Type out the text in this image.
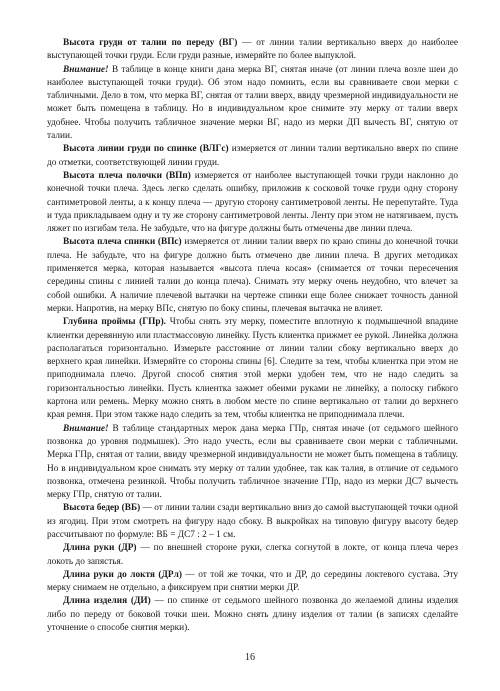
Высота груди от талии по переду (ВГ) — от линии талии вертикально вверх до наиболее выступающей точки груди. Если груди разные, измеряйте по более выпуклой.

Внимание! В таблице в конце книги дана мерка ВГ, снятая иначе (от линии плеча возле шеи до наиболее выступающей точки груди). Об этом надо помнить, если вы сравниваете свои мерки с табличными. Дело в том, что мерка ВГ, снятая от талии вверх, ввиду чрезмерной индивидуальности не может быть помещена в таблицу. Но в индивидуальном крое снимите эту мерку от талии вверх удобнее. Чтобы получить табличное значение мерки ВГ, надо из мерки ДП вычесть ВГ, снятую от талии.

Высота линии груди по спинке (ВЛГс) измеряется от линии талии вертикально вверх по спине до отметки, соответствующей линии груди.

Высота плеча полочки (ВПп) измеряется от наиболее выступающей точки груди наклонно до конечной точки плеча. Здесь легко сделать ошибку, приложив к сосковой точке груди одну сторону сантиметровой ленты, а к концу плеча — другую сторону сантиметровой ленты. Не перепутайте. Туда и туда прикладываем одну и ту же сторону сантиметровой ленты. Ленту при этом не натягиваем, пусть ляжет по изгибам тела. Не забудьте, что на фигуре должны быть отмечены две линии плеча.

Высота плеча спинки (ВПс) измеряется от линии талии вверх по краю спины до конечной точки плеча. Не забудьте, что на фигуре должно быть отмечено две линии плеча. В других методиках применяется мерка, которая называется «высота плеча косая» (снимается от точки пересечения середины спины с линией талии до конца плеча). Снимать эту мерку очень неудобно, что влечет за собой ошибки. А наличие плечевой вытачки на чертеже спинки еще более снижает точность данной мерки. Напротив, на мерку ВПс, снятую по боку спины, плечевая вытачка не влияет.

Глубина проймы (ГПр). Чтобы снять эту мерку, поместите вплотную к подмышечной впадине клиентки деревянную или пластмассовую линейку. Пусть клиентка прижмет ее рукой. Линейка должна располагаться горизонтально. Измерьте расстояние от линии талии сбоку вертикально вверх до верхнего края линейки. Измеряйте со стороны спины [6]. Следите за тем, чтобы клиентка при этом не приподнимала плечо. Другой способ снятия этой мерки удобен тем, что не надо следить за горизонтальностью линейки. Пусть клиентка зажмет обеими руками не линейку, а полоску гибкого картона или ремень. Мерку можно снять в любом месте по спине вертикально от талии до верхнего края ремня. При этом также надо следить за тем, чтобы клиентка не приподнимала плечи.

Внимание! В таблице стандартных мерок дана мерка ГПр, снятая иначе (от седьмого шейного позвонка до уровня подмышек). Это надо учесть, если вы сравниваете свои мерки с табличными. Мерка ГПр, снятая от талии, ввиду чрезмерной индивидуальности не может быть помещена в таблицу. Но в индивидуальном крое снимать эту мерку от талии удобнее, так как талия, в отличие от седьмого позвонка, отмечена резинкой. Чтобы получить табличное значение ГПр, надо из мерки ДС7 вычесть мерку ГПр, снятую от талии.

Высота бедер (ВБ) — от линии талии сзади вертикально вниз до самой выступающей точки одной из ягодиц. При этом смотреть на фигуру надо сбоку. В выкройках на типовую фигуру высоту бедер рассчитывают по формуле: ВБ = ДС7 : 2 – 1 см.

Длина руки (ДР) — по внешней стороне руки, слегка согнутой в локте, от конца плеча через локоть до запястья.

Длина руки до локтя (ДРл) — от той же точки, что и ДР, до середины локтевого сустава. Эту мерку снимаем не отдельно, а фиксируем при снятии мерки ДР.

Длина изделия (ДИ) — по спинке от седьмого шейного позвонка до желаемой длины изделия либо по переду от боковой точки шеи. Можно снять длину изделия от талии (в записях сделайте уточнение о способе снятия мерки).

16
